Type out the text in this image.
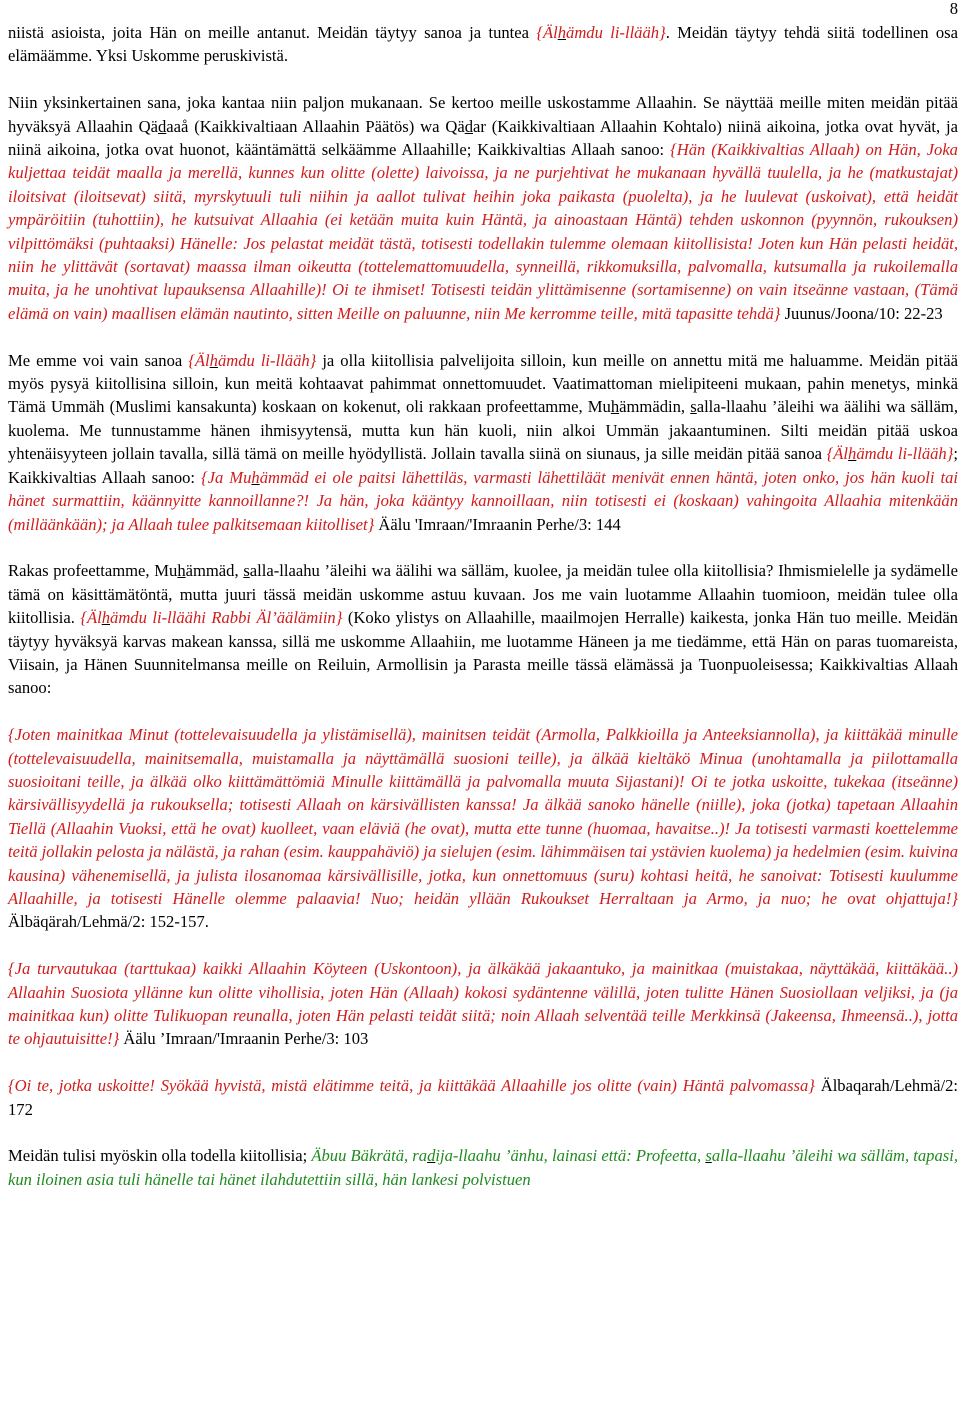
8

niistä asioista, joita Hän on meille antanut. Meidän täytyy sanoa ja tuntea {Älhämdu li-llääh}. Meidän täytyy tehdä siitä todellinen osa elämäämme. Yksi Uskomme peruskivistä.

Niin yksinkertainen sana, joka kantaa niin paljon mukanaan. Se kertoo meille uskostamme Allaahin. Se näyttää meille miten meidän pitää hyväksyä Allaahin Qädaaå (Kaikkivaltiaan Allaahin Päätös) wa Qädar (Kaikkivaltiaan Allaahin Kohtalo) niinä aikoina, jotka ovat hyvät, ja niinä aikoina, jotka ovat huonot, kääntämättä selkäämme Allaahille; Kaikkivaltias Allaah sanoo: {Hän (Kaikkivaltias Allaah) on Hän, Joka kuljettaa teidät maalla ja merellä, kunnes kun olitte (olette) laivoissa, ja ne purjehtivat he mukanaan hyvällä tuulella, ja he (matkustajat) iloitsivat (iloitsevat) siitä, myrskytuuli tuli niihin ja aallot tulivat heihin joka paikasta (puolelta), ja he luulevat (uskoivat), että heidät ympäröitiin (tuhottiin), he kutsuivat Allaahia (ei ketään muita kuin Häntä, ja ainoastaan Häntä) tehden uskonnon (pyynnön, rukouksen) vilpittömäksi (puhtaaksi) Hänelle: Jos pelastat meidät tästä, totisesti todellakin tulemme olemaan kiitollisista! Joten kun Hän pelasti heidät, niin he ylittävät (sortavat) maassa ilman oikeutta (tottelemattomuudella, synneillä, rikkomuksilla, palvomalla, kutsumalla ja rukoilemalla muita, ja he unohtivat lupauksensa Allaahille)! Oi te ihmiset! Totisesti teidän ylittämisenne (sortamisenne) on vain itseänne vastaan, (Tämä elämä on vain) maallisen elämän nautinto, sitten Meille on paluunne, niin Me kerromme teille, mitä tapasitte tehdä} Juunus/Joona/10: 22-23

Me emme voi vain sanoa {Älhämdu li-llääh} ja olla kiitollisia palvelijoita silloin, kun meille on annettu mitä me haluamme. Meidän pitää myös pysyä kiitollisina silloin, kun meitä kohtaavat pahimmat onnettomuudet. Vaatimattoman mielipiteeni mukaan, pahin menetys, minkä Tämä Ummäh (Muslimi kansakunta) koskaan on kokenut, oli rakkaan profeettamme, Muhämmädin, salla-llaahu ’äleihi wa äälihi wa sälläm, kuolema. Me tunnustamme hänen ihmisyytensä, mutta kun hän kuoli, niin alkoi Ummän jakaantuminen. Silti meidän pitää uskoa yhtenäisyyteen jollain tavalla, sillä tämä on meille hyödyllistä. Jollain tavalla siinä on siunaus, ja sille meidän pitää sanoa {Älhämdu li-llääh}; Kaikkivaltias Allaah sanoo: {Ja Muhämmäd ei ole paitsi lähettiläs, varmasti lähettiläät menivät ennen häntä, joten onko, jos hän kuoli tai hänet surmattiin, käännyitte kannoillanne?! Ja hän, joka kääntyy kannoillaan, niin totisesti ei (koskaan) vahingoita Allaahia mitenkään (milläänkään); ja Allaah tulee palkitsemaan kiitolliset} Äälu 'Imraan/'Imraanin Perhe/3: 144

Rakas profeettamme, Muhämmäd, salla-llaahu ’äleihi wa äälihi wa sälläm, kuolee, ja meidän tulee olla kiitollisia? Ihmismielelle ja sydämelle tämä on käsittämätöntä, mutta juuri tässä meidän uskomme astuu kuvaan. Jos me vain luotamme Allaahin tuomioon, meidän tulee olla kiitollisia. {Älhämdu li-lläähi Rabbi Äl’äälämiin} (Koko ylistys on Allaahille, maailmojen Herralle) kaikesta, jonka Hän tuo meille. Meidän täytyy hyväksyä karvas makean kanssa, sillä me uskomme Allaahiin, me luotamme Häneen ja me tiedämme, että Hän on paras tuomareista, Viisain, ja Hänen Suunnitelmansa meille on Reiluin, Armollisin ja Parasta meille tässä elämässä ja Tuonpuoleisessa; Kaikkivaltias Allaah sanoo:

{Joten mainitkaa Minut (tottelevaisuudella ja ylistämisellä), mainitsen teidät (Armolla, Palkkioilla ja Anteeksiannolla), ja kiittäkää minulle (tottelevaisuudella, mainitsemalla, muistamalla ja näyttämällä suosioni teille), ja älkää kieltäkö Minua (unohtamalla ja piilottamalla suosioitani teille, ja älkää olko kiittämättömiä Minulle kiittämällä ja palvomalla muuta Sijastani)! Oi te jotka uskoitte, tukekaa (itseänne) kärsivällisyydellä ja rukouksella; totisesti Allaah on kärsivällisten kanssa! Ja älkää sanoko hänelle (niille), joka (jotka) tapetaan Allaahin Tiellä (Allaahin Vuoksi, että he ovat) kuolleet, vaan eläviä (he ovat), mutta ette tunne (huomaa, havaitse..)! Ja totisesti varmasti koettelemme teitä jollakin pelosta ja nälästä, ja rahan (esim. kauppahäviö) ja sielujen (esim. lähimmäisen tai ystävien kuolema) ja hedelmien (esim. kuivina kausina) vähenemisellä, ja julista ilosanomaa kärsivällisille, jotka, kun onnettomuus (suru) kohtasi heitä, he sanoivat: Totisesti kuulumme Allaahille, ja totisesti Hänelle olemme palaavia! Nuo; heidän yllään Rukoukset Herraltaan ja Armo, ja nuo; he ovat ohjattuja!} Älbäqärah/Lehmä/2: 152-157.

{Ja turvautukaa (tarttukaa) kaikki Allaahin Köyteen (Uskontoon), ja älkäkää jakaantuko, ja mainitkaa (muistakaa, näyttäkää, kiittäkää..) Allaahin Suosiota yllänne kun olitte vihollisia, joten Hän (Allaah) kokosi sydäntenne välillä, joten tulitte Hänen Suosiollaan veljiksi, ja (ja mainitkaa kun) olitte Tulikuopan reunalla, joten Hän pelasti teidät siitä; noin Allaah selventää teille Merkkinsä (Jakeensa, Ihmeensä..), jotta te ohjautuisitte!} Äälu ’Imraan/'Imraanin Perhe/3: 103

{Oi te, jotka uskoitte! Syökää hyvistä, mistä elätimme teitä, ja kiittäkää Allaahille jos olitte (vain) Häntä palvomassa} Älbaqarah/Lehmä/2: 172

Meidän tulisi myöskin olla todella kiitollisia; Äbuu Bäkrätä, radija-llaahu ’änhu, lainasi että: Profeetta, salla-llaahu ’äleihi wa sälläm, tapasi, kun iloinen asia tuli hänelle tai hänet ilahdutettiin sillä, hän lankesi polvistuen
